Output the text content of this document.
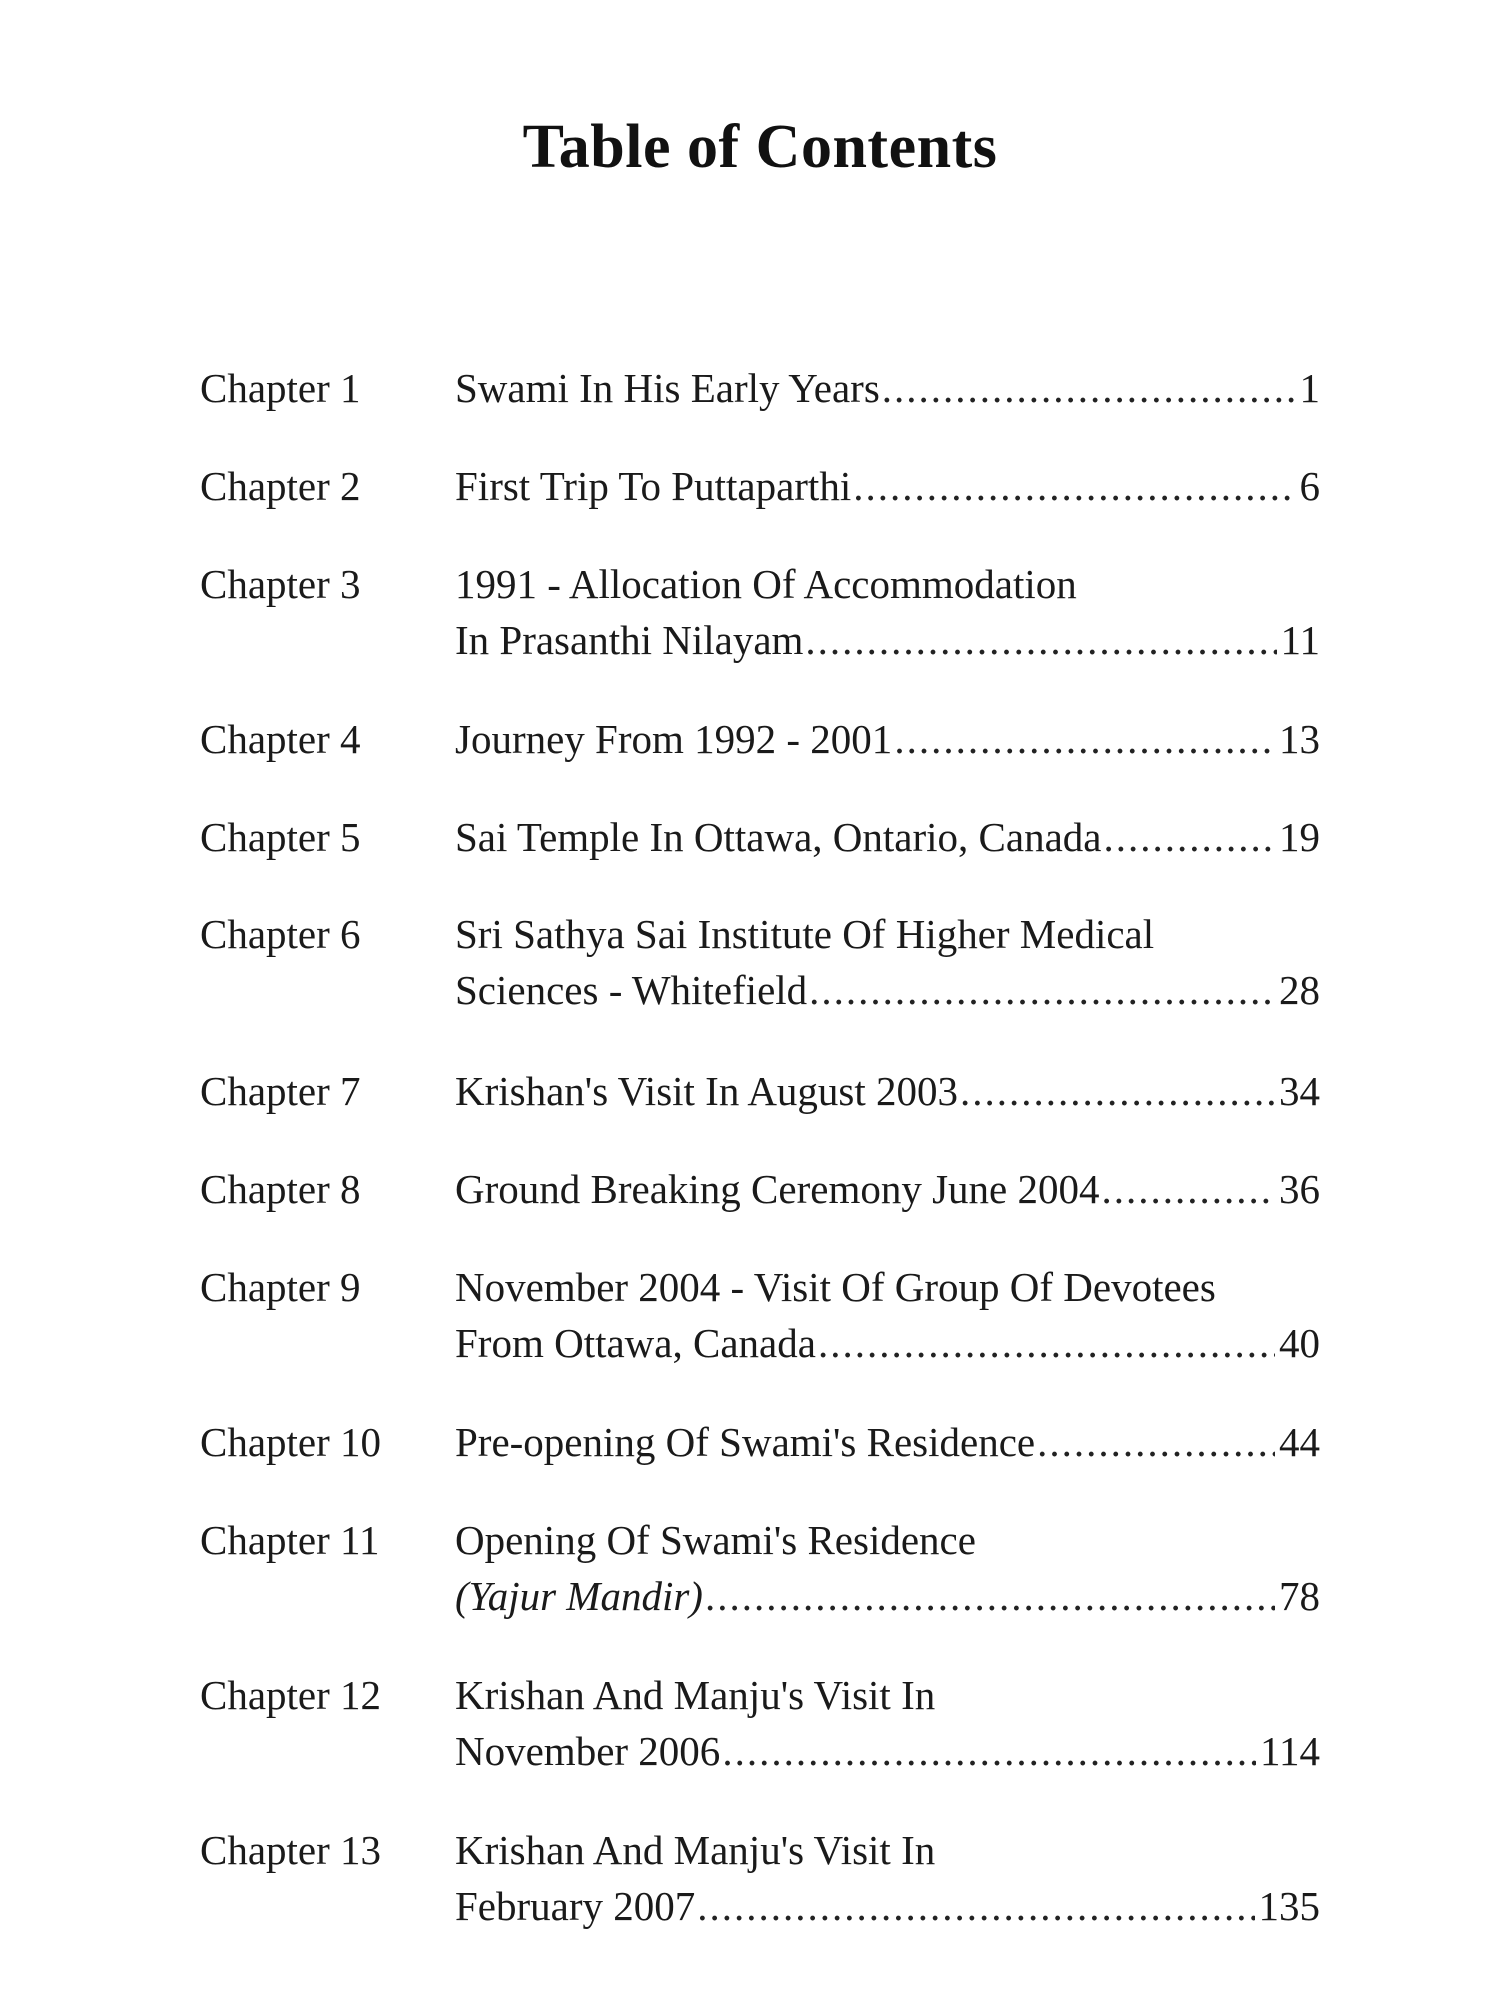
Table of Contents
Chapter 1	Swami In His Early Years .....	1
Chapter 2	First Trip To Puttaparthi .....	6
Chapter 3	1991 - Allocation Of Accommodation
In Prasanthi Nilayam .....	11
Chapter 4	Journey From 1992 - 2001 .....	13
Chapter 5	Sai Temple In Ottawa, Ontario, Canada .....	19
Chapter 6	Sri Sathya Sai Institute Of Higher Medical
Sciences - Whitefield .....	28
Chapter 7	Krishan's Visit In August 2003 .....	34
Chapter 8	Ground Breaking Ceremony June 2004 .....	36
Chapter 9	November 2004 - Visit Of Group Of Devotees
From Ottawa, Canada .....	40
Chapter 10	Pre-opening Of Swami's Residence .....	44
Chapter 11	Opening Of Swami's Residence
(Yajur Mandir) .....	78
Chapter 12	Krishan And Manju's Visit In
November 2006 .....	114
Chapter 13	Krishan And Manju's Visit In
February 2007 .....	135
